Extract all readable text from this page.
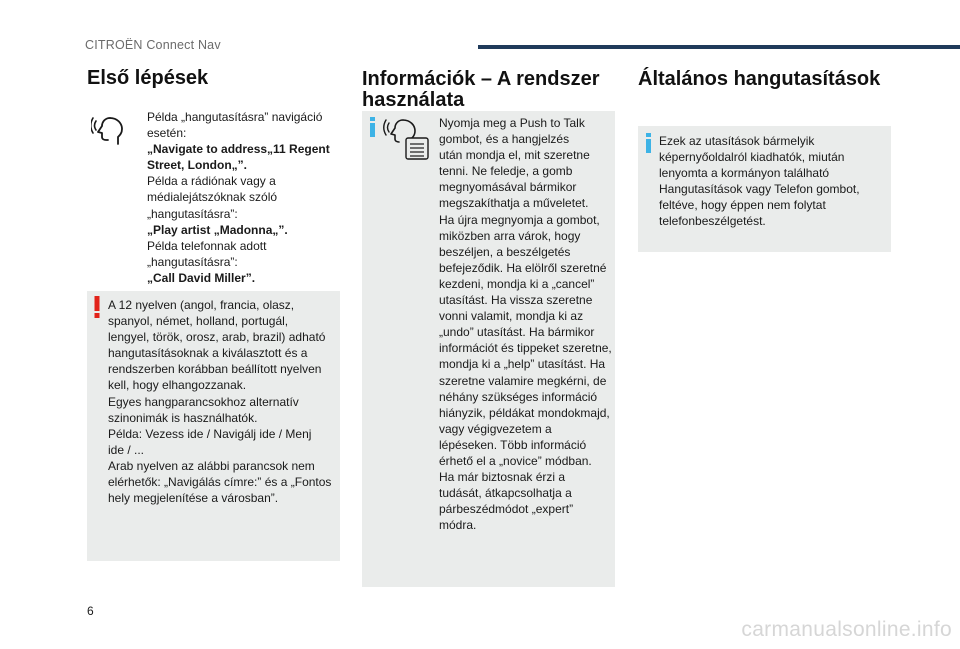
CITROËN Connect Nav
Első lépések
Példa „hangutasításra” navigáció
esetén:
„Navigate to address„11 Regent
Street, London„”.
Példa a rádiónak vagy a
médialejátszóknak szóló
„hangutasításra”:
„Play artist „Madonna„”.
Példa telefonnak adott
„hangutasításra”:
„Call David Miller”.
A 12 nyelven (angol, francia, olasz,
spanyol, német, holland, portugál,
lengyel, török, orosz, arab, brazil) adható
hangutasításoknak a kiválasztott és a
rendszerben korábban beállított nyelven
kell, hogy elhangozzanak.
Egyes hangparancsokhoz alternatív
szinonimák is használhatók.
Példa: Vezess ide / Navigálj ide / Menj
ide / ...
Arab nyelven az alábbi parancsok nem
elérhetők: „Navigálás címre:” és a „Fontos
hely megjelenítése a városban”.
Információk – A rendszer
használata
Nyomja meg a Push to Talk
gombot, és a hangjelzés
után mondja el, mit szeretne
tenni. Ne feledje, a gomb
megnyomásával bármikor
megszakíthatja a műveletet.
Ha újra megnyomja a gombot,
miközben arra várok, hogy
beszéljen, a beszélgetés
befejeződik. Ha elölről szeretné
kezdeni, mondja ki a „cancel”
utasítást. Ha vissza szeretne
vonni valamit, mondja ki az
„undo” utasítást. Ha bármikor
információt és tippeket szeretne,
mondja ki a „help” utasítást. Ha
szeretne valamire megkérni, de
néhány szükséges információ
hiányzik, példákat mondokmajd,
vagy végigvezetem a
lépéseken. Több információ
érhető el a „novice” módban.
Ha már biztosnak érzi a
tudását, átkapcsolhatja a
párbeszédmódot „expert”
módra.
Általános hangutasítások
Ezek az utasítások bármelyik
képernyőoldalról kiadhatók, miután
lenyomta a kormányon található
Hangutasítások vagy Telefon gombot,
feltéve, hogy éppen nem folytat
telefonbeszélgetést.
6
carmanualsonline.info
